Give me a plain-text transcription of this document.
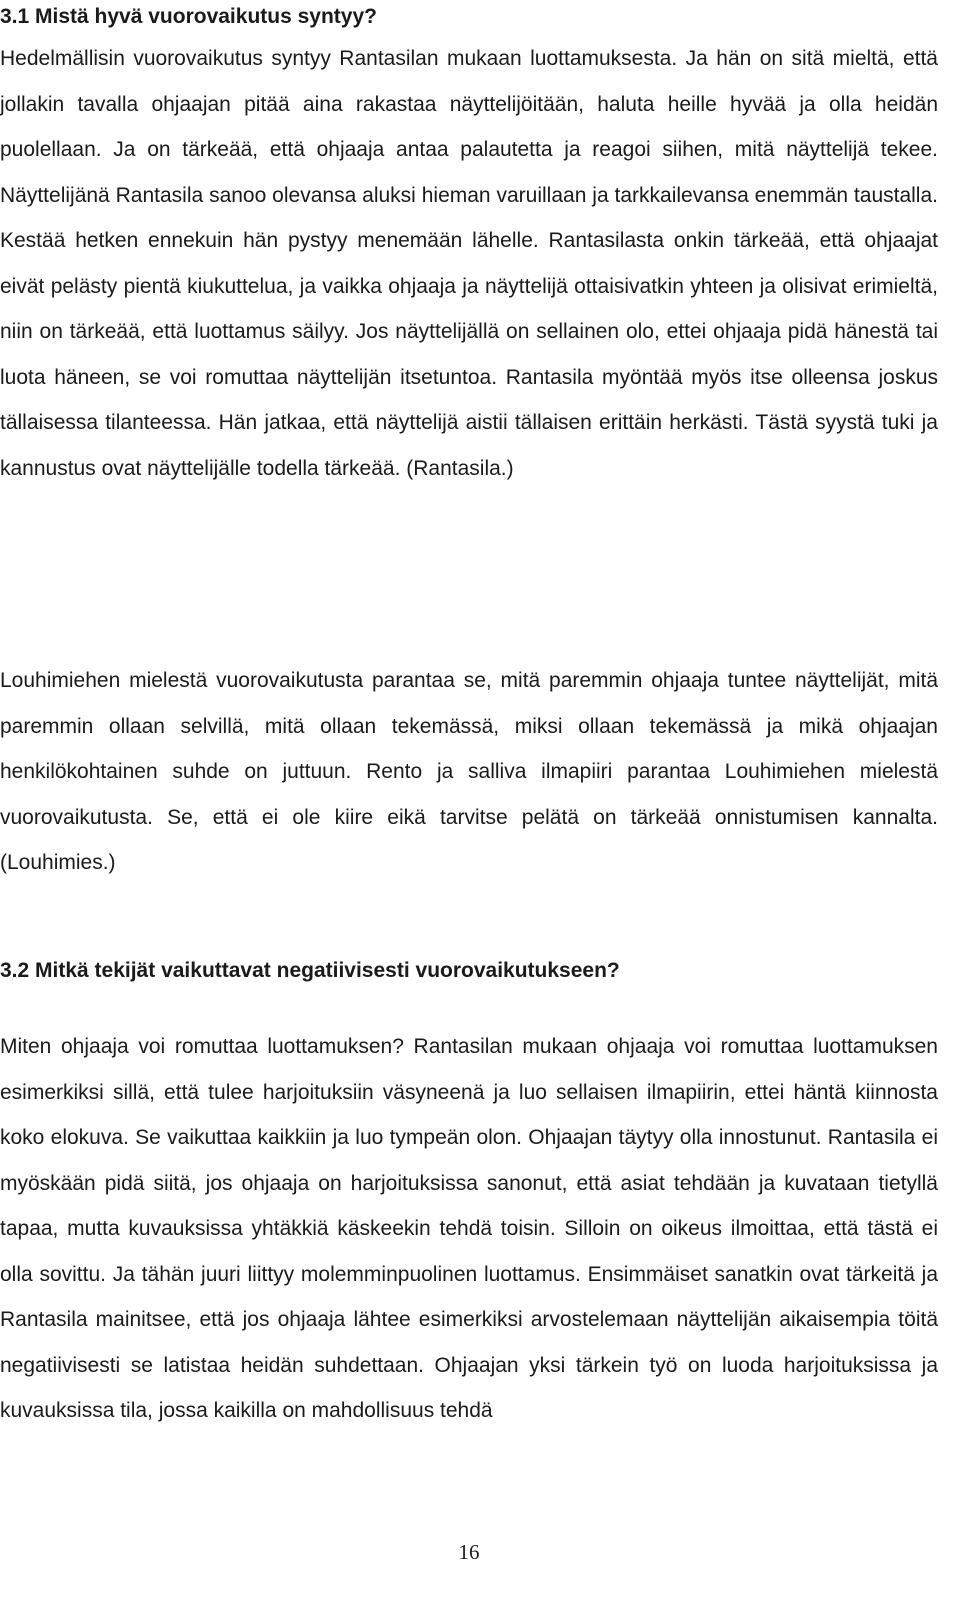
3.1 Mistä hyvä vuorovaikutus syntyy?

Hedelmällisin vuorovaikutus syntyy Rantasilan mukaan luottamuksesta. Ja hän on sitä mieltä, että jollakin tavalla ohjaajan pitää aina rakastaa näyttelijöitään, haluta heille hyvää ja olla heidän puolellaan. Ja on tärkeää, että ohjaaja antaa palautetta ja reagoi siihen, mitä näyttelijä tekee. Näyttelijänä Rantasila sanoo olevansa aluksi hieman varuillaan ja tarkkailevansa enemmän taustalla. Kestää hetken ennekuin hän pystyy menemään lähelle. Rantasilasta onkin tärkeää, että ohjaajat eivät pelästy pientä kiukuttelua, ja vaikka ohjaaja ja näyttelijä ottaisivatkin yhteen ja olisivat erimieltä, niin on tärkeää, että luottamus säilyy. Jos näyttelijällä on sellainen olo, ettei ohjaaja pidä hänestä tai luota häneen, se voi romuttaa näyttelijän itsetuntoa. Rantasila myöntää myös itse olleensa joskus tällaisessa tilanteessa. Hän jatkaa, että näyttelijä aistii tällaisen erittäin herkästi. Tästä syystä tuki ja kannustus ovat näyttelijälle todella tärkeää. (Rantasila.)

Louhimiehen mielestä vuorovaikutusta parantaa se, mitä paremmin ohjaaja tuntee näyttelijät, mitä paremmin ollaan selvillä, mitä ollaan tekemässä, miksi ollaan tekemässä ja mikä ohjaajan henkilökohtainen suhde on juttuun. Rento ja salliva ilmapiiri parantaa Louhimiehen mielestä vuorovaikutusta. Se, että ei ole kiire eikä tarvitse pelätä on tärkeää onnistumisen kannalta. (Louhimies.)

3.2 Mitkä tekijät vaikuttavat negatiivisesti vuorovaikutukseen?

Miten ohjaaja voi romuttaa luottamuksen? Rantasilan mukaan ohjaaja voi romuttaa luottamuksen esimerkiksi sillä, että tulee harjoituksiin väsyneenä ja luo sellaisen ilmapiirin, ettei häntä kiinnosta koko elokuva. Se vaikuttaa kaikkiin ja luo tympeän olon. Ohjaajan täytyy olla innostunut. Rantasila ei myöskään pidä siitä, jos ohjaaja on harjoituksissa sanonut, että asiat tehdään ja kuvataan tietyllä tapaa, mutta kuvauksissa yhtäkkiä käskeekin tehdä toisin. Silloin on oikeus ilmoittaa, että tästä ei olla sovittu. Ja tähän juuri liittyy molemminpuolinen luottamus. Ensimmäiset sanatkin ovat tärkeitä ja Rantasila mainitsee, että jos ohjaaja lähtee esimerkiksi arvostelemaan näyttelijän aikaisempia töitä negatiivisesti se latistaa heidän suhdettaan. Ohjaajan yksi tärkein työ on luoda harjoituksissa ja kuvauksissa tila, jossa kaikilla on mahdollisuus tehdä

16
